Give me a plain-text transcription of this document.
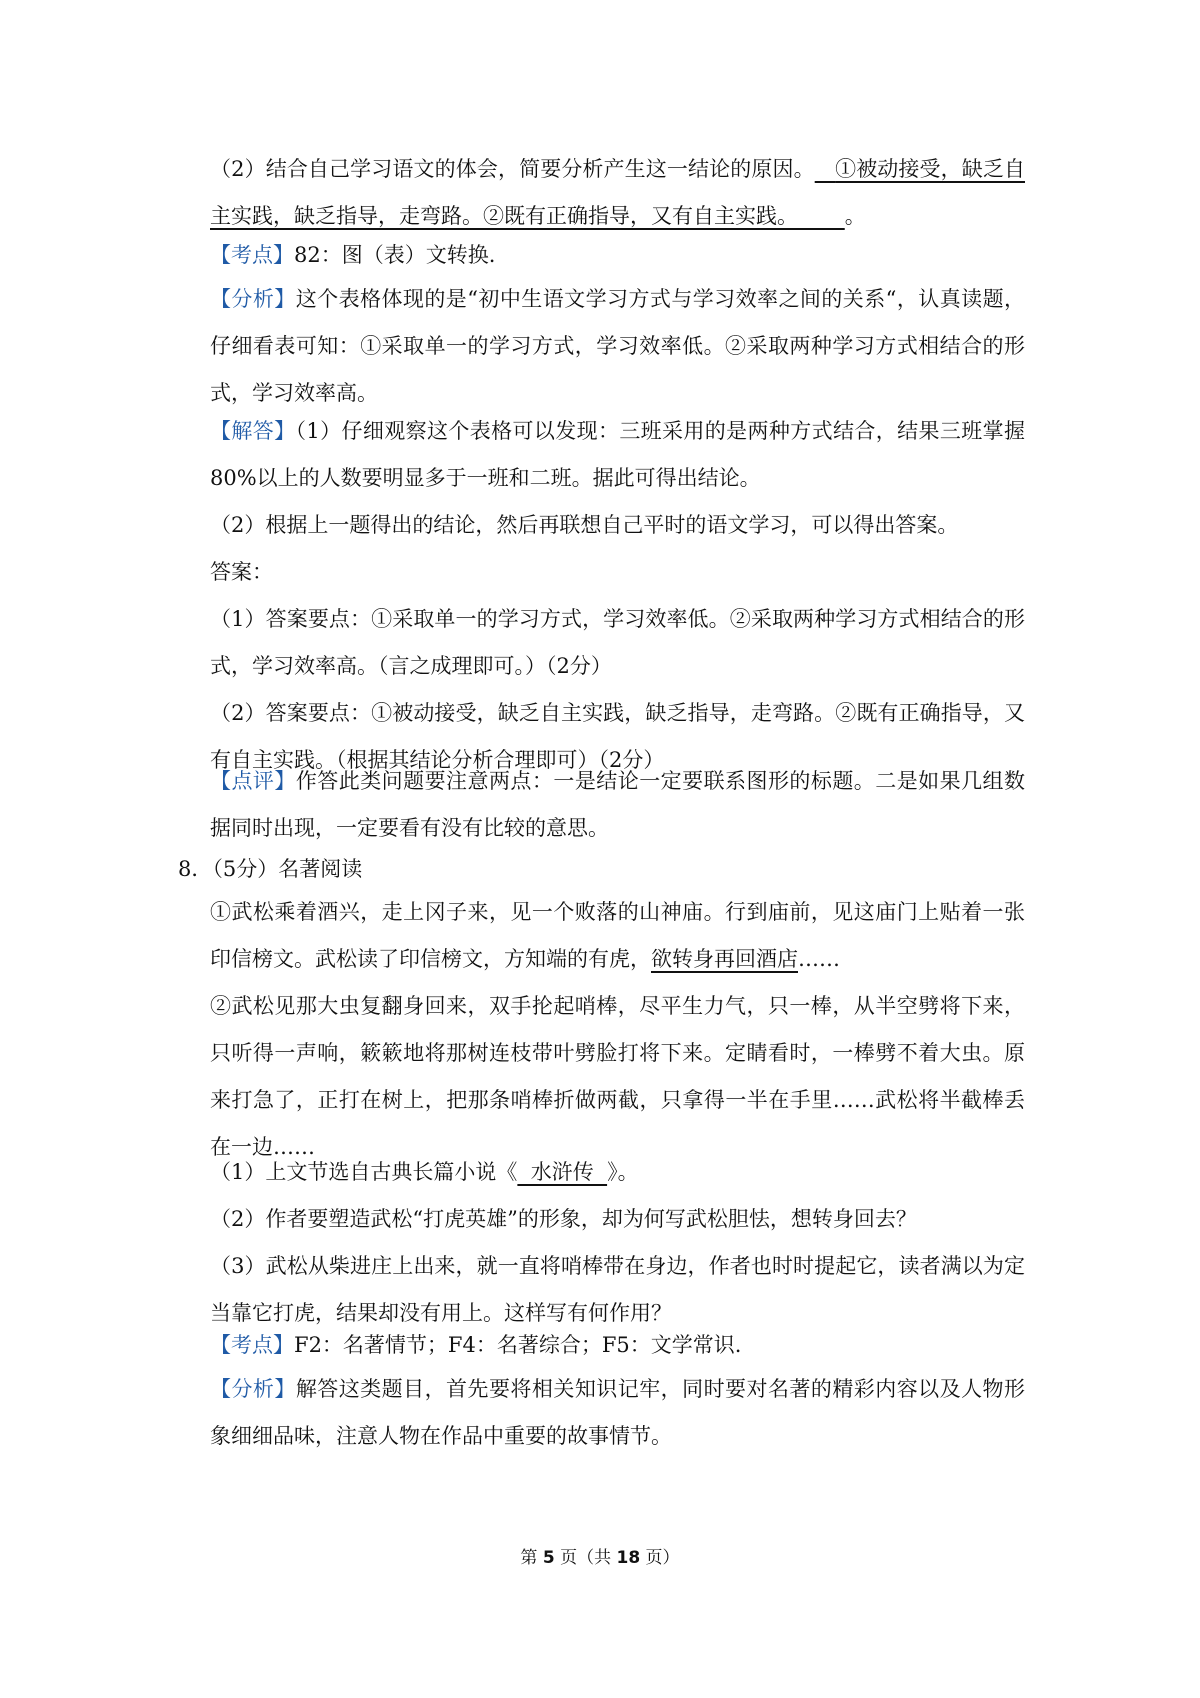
（2）结合自己学习语文的体会，简要分析产生这一结论的原因。 ①被动接受，缺乏自
主实践，缺乏指导，走弯路。②既有正确指导，又有自主实践。 。
【考点】82：图（表）文转换.
【分析】这个表格体现的是“初中生语文学习方式与学习效率之间的关系“，认真读题，
仔细看表可知：①采取单一的学习方式，学习效率低。②采取两种学习方式相结合的形
式，学习效率高。
【解答】（1）仔细观察这个表格可以发现：三班采用的是两种方式结合，结果三班掌握
80%以上的人数要明显多于一班和二班。据此可得出结论。
（2）根据上一题得出的结论，然后再联想自己平时的语文学习，可以得出答案。
答案：
（1）答案要点：①采取单一的学习方式，学习效率低。②采取两种学习方式相结合的形
式，学习效率高。（言之成理即可。）（2分）
（2）答案要点：①被动接受，缺乏自主实践，缺乏指导，走弯路。②既有正确指导，又
有自主实践。（根据其结论分析合理即可）（2分）
【点评】作答此类问题要注意两点：一是结论一定要联系图形的标题。二是如果几组数
据同时出现，一定要看有没有比较的意思。
8．（5分）名著阅读
①武松乘着酒兴，走上冈子来，见一个败落的山神庙。行到庙前，见这庙门上贴着一张
印信榜文。武松读了印信榜文，方知端的有虎，欲转身再回酒店……
②武松见那大虫复翻身回来，双手抡起哨棒，尽平生力气，只一棒，从半空劈将下来，
只听得一声响，簌簌地将那树连枝带叶劈脸打将下来。定睛看时，一棒劈不着大虫。原
来打急了，正打在树上，把那条哨棒折做两截，只拿得一半在手里……武松将半截棒丢
在一边……
（1）上文节选自古典长篇小说《  水浒传  》。
（2）作者要塑造武松“打虎英雄”的形象，却为何写武松胆怯，想转身回去？
（3）武松从柴进庄上出来，就一直将哨棒带在身边，作者也时时提起它，读者满以为定
当靠它打虎，结果却没有用上。这样写有何作用？
【考点】F2：名著情节；F4：名著综合；F5：文学常识.
【分析】解答这类题目，首先要将相关知识记牢，同时要对名著的精彩内容以及人物形
象细细品味，注意人物在作品中重要的故事情节。
第 5 页（共 18 页）
